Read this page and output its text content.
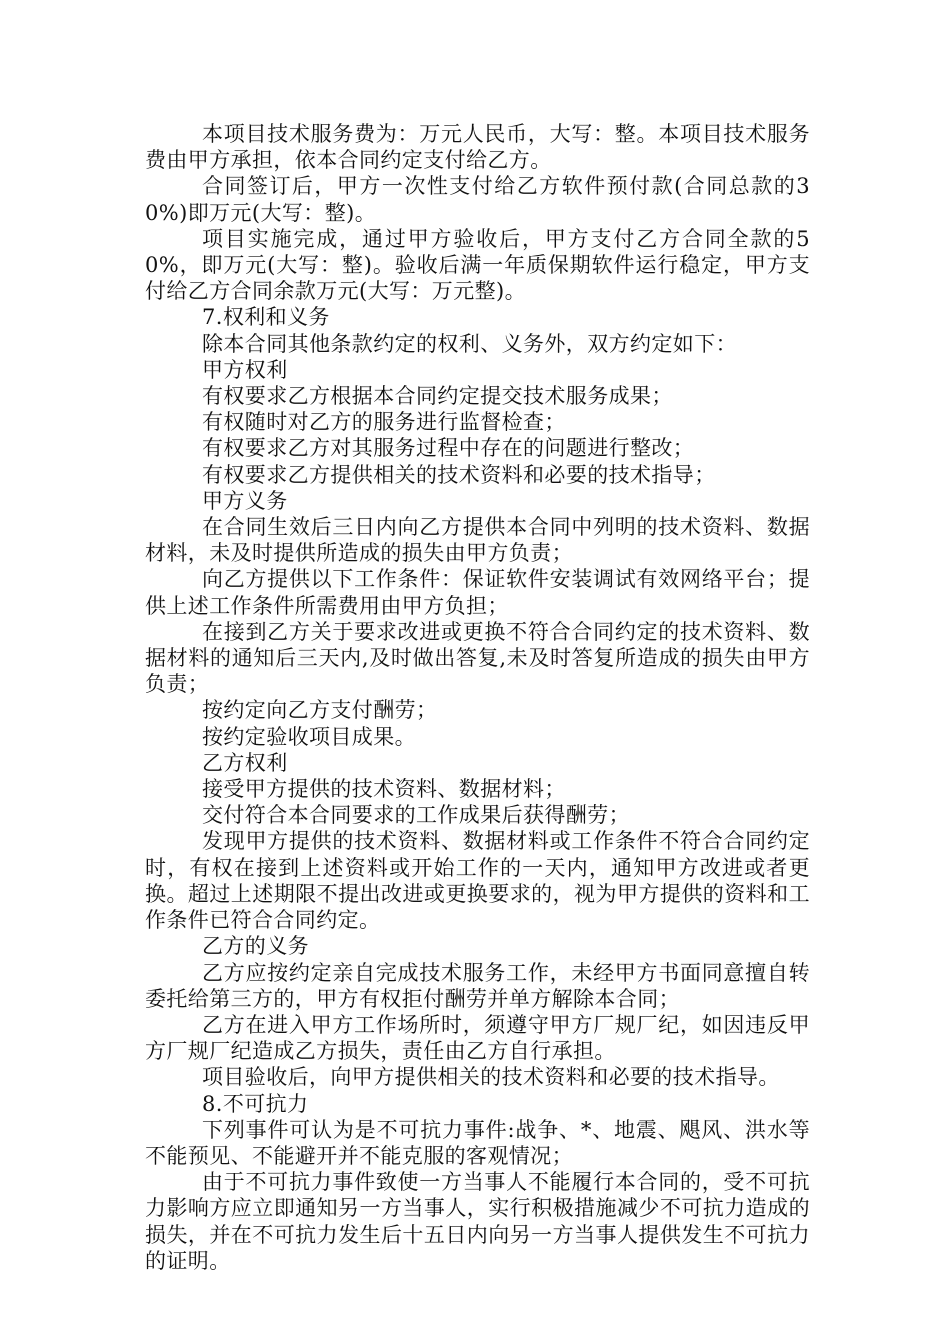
本项目技术服务费为：万元人民币，大写：整。本项目技术服务费由甲方承担，依本合同约定支付给乙方。

合同签订后，甲方一次性支付给乙方软件预付款(合同总款的30%)即万元(大写：整)。

项目实施完成，通过甲方验收后，甲方支付乙方合同全款的50%，即万元(大写：整)。验收后满一年质保期软件运行稳定，甲方支付给乙方合同余款万元(大写：万元整)。

7.权利和义务

除本合同其他条款约定的权利、义务外，双方约定如下：

甲方权利

有权要求乙方根据本合同约定提交技术服务成果；

有权随时对乙方的服务进行监督检查；

有权要求乙方对其服务过程中存在的问题进行整改；

有权要求乙方提供相关的技术资料和必要的技术指导；

甲方义务

在合同生效后三日内向乙方提供本合同中列明的技术资料、数据材料，未及时提供所造成的损失由甲方负责；

向乙方提供以下工作条件：保证软件安装调试有效网络平台；提供上述工作条件所需费用由甲方负担；

在接到乙方关于要求改进或更换不符合合同约定的技术资料、数据材料的通知后三天内,及时做出答复,未及时答复所造成的损失由甲方负责；

按约定向乙方支付酬劳；

按约定验收项目成果。

乙方权利

接受甲方提供的技术资料、数据材料；

交付符合本合同要求的工作成果后获得酬劳；

发现甲方提供的技术资料、数据材料或工作条件不符合合同约定时，有权在接到上述资料或开始工作的一天内，通知甲方改进或者更换。超过上述期限不提出改进或更换要求的，视为甲方提供的资料和工作条件已符合合同约定。

乙方的义务

乙方应按约定亲自完成技术服务工作，未经甲方书面同意擅自转委托给第三方的，甲方有权拒付酬劳并单方解除本合同；

乙方在进入甲方工作场所时，须遵守甲方厂规厂纪，如因违反甲方厂规厂纪造成乙方损失，责任由乙方自行承担。

项目验收后，向甲方提供相关的技术资料和必要的技术指导。

8.不可抗力

下列事件可认为是不可抗力事件:战争、*、地震、飓风、洪水等不能预见、不能避开并不能克服的客观情况；

由于不可抗力事件致使一方当事人不能履行本合同的，受不可抗力影响方应立即通知另一方当事人，实行积极措施减少不可抗力造成的损失，并在不可抗力发生后十五日内向另一方当事人提供发生不可抗力的证明。
